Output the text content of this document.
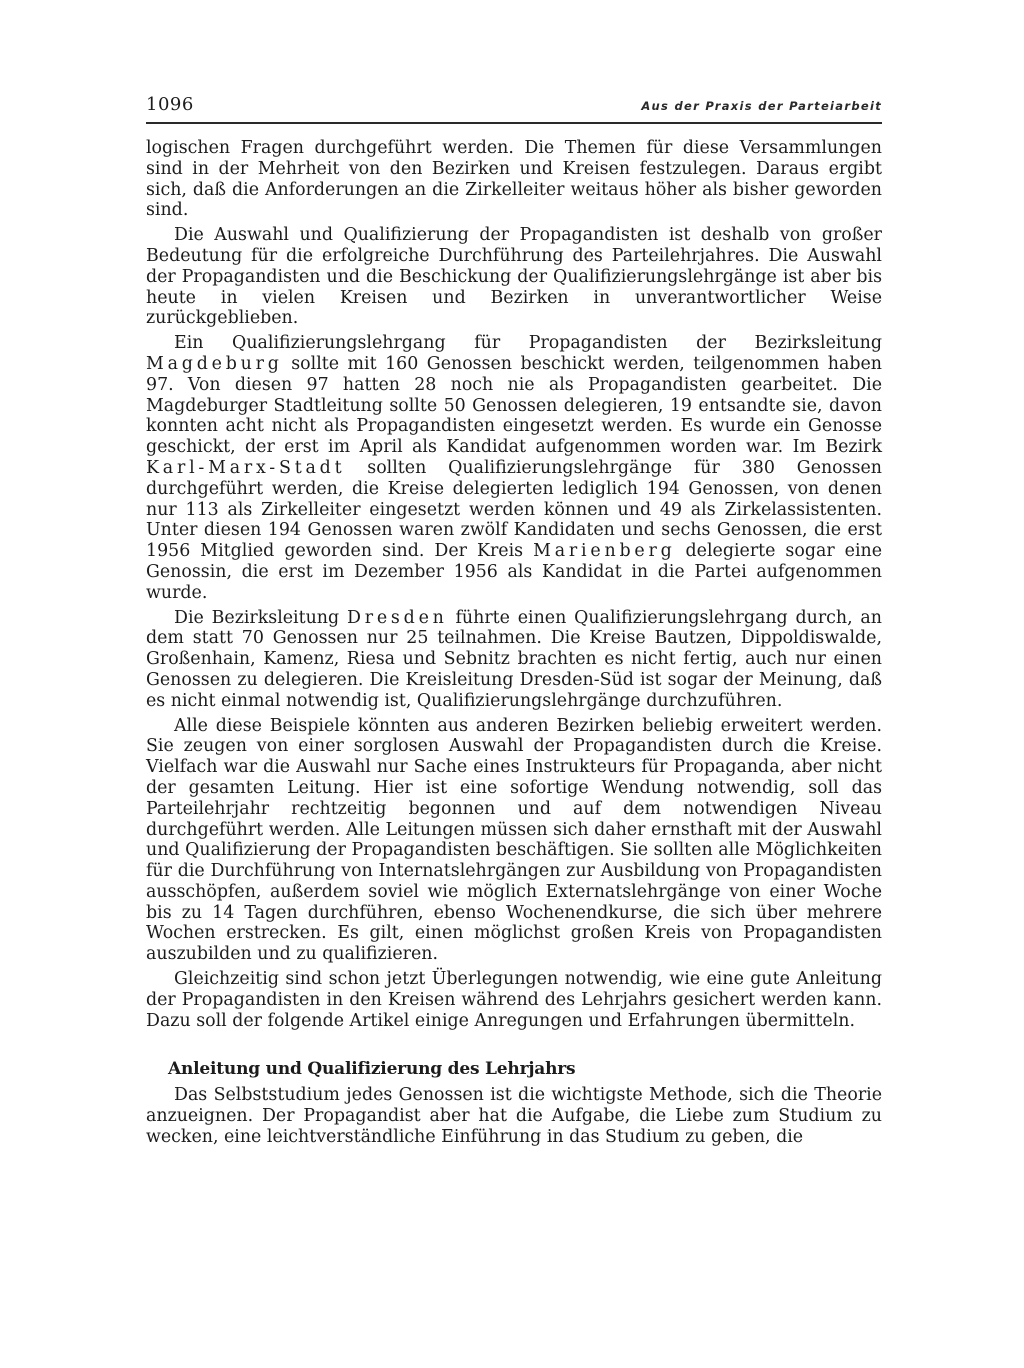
1096	Aus der Praxis der Parteiarbeit

logischen Fragen durchgeführt werden. Die Themen für diese Versammlungen sind in der Mehrheit von den Bezirken und Kreisen festzulegen. Daraus ergibt sich, daß die Anforderungen an die Zirkelleiter weitaus höher als bisher geworden sind.

Die Auswahl und Qualifizierung der Propagandisten ist deshalb von großer Bedeutung für die erfolgreiche Durchführung des Parteilehrjahres. Die Auswahl der Propagandisten und die Beschickung der Qualifizierungslehrgänge ist aber bis heute in vielen Kreisen und Bezirken in unverantwortlicher Weise zurückgeblieben.

Ein Qualifizierungslehrgang für Propagandisten der Bezirksleitung Magdeburg sollte mit 160 Genossen beschickt werden, teilgenommen haben 97. Von diesen 97 hatten 28 noch nie als Propagandisten gearbeitet. Die Magdeburger Stadtleitung sollte 50 Genossen delegieren, 19 entsandte sie, davon konnten acht nicht als Propagandisten eingesetzt werden. Es wurde ein Genosse geschickt, der erst im April als Kandidat aufgenommen worden war. Im Bezirk Karl-Marx-Stadt sollten Qualifizierungslehrgänge für 380 Genossen durchgeführt werden, die Kreise delegierten lediglich 194 Genossen, von denen nur 113 als Zirkelleiter eingesetzt werden können und 49 als Zirkelassistenten. Unter diesen 194 Genossen waren zwölf Kandidaten und sechs Genossen, die erst 1956 Mitglied geworden sind. Der Kreis Marienberg delegierte sogar eine Genossin, die erst im Dezember 1956 als Kandidat in die Partei aufgenommen wurde.

Die Bezirksleitung Dresden führte einen Qualifizierungslehrgang durch, an dem statt 70 Genossen nur 25 teilnahmen. Die Kreise Bautzen, Dippoldiswalde, Großenhain, Kamenz, Riesa und Sebnitz brachten es nicht fertig, auch nur einen Genossen zu delegieren. Die Kreisleitung Dresden-Süd ist sogar der Meinung, daß es nicht einmal notwendig ist, Qualifizierungslehrgänge durchzuführen.

Alle diese Beispiele könnten aus anderen Bezirken beliebig erweitert werden. Sie zeugen von einer sorglosen Auswahl der Propagandisten durch die Kreise. Vielfach war die Auswahl nur Sache eines Instrukteurs für Propaganda, aber nicht der gesamten Leitung. Hier ist eine sofortige Wendung notwendig, soll das Parteilehrjahr rechtzeitig begonnen und auf dem notwendigen Niveau durchgeführt werden. Alle Leitungen müssen sich daher ernsthaft mit der Auswahl und Qualifizierung der Propagandisten beschäftigen. Sie sollten alle Möglichkeiten für die Durchführung von Internatslehrgängen zur Ausbildung von Propagandisten ausschöpfen, außerdem soviel wie möglich Externatslehrgänge von einer Woche bis zu 14 Tagen durchführen, ebenso Wochenendkurse, die sich über mehrere Wochen erstrecken. Es gilt, einen möglichst großen Kreis von Propagandisten auszubilden und zu qualifizieren.

Gleichzeitig sind schon jetzt Überlegungen notwendig, wie eine gute Anleitung der Propagandisten in den Kreisen während des Lehrjahrs gesichert werden kann. Dazu soll der folgende Artikel einige Anregungen und Erfahrungen übermitteln.

Anleitung und Qualifizierung des Lehrjahrs

Das Selbststudium jedes Genossen ist die wichtigste Methode, sich die Theorie anzueignen. Der Propagandist aber hat die Aufgabe, die Liebe zum Studium zu wecken, eine leichtverständliche Einführung in das Studium zu geben, die
